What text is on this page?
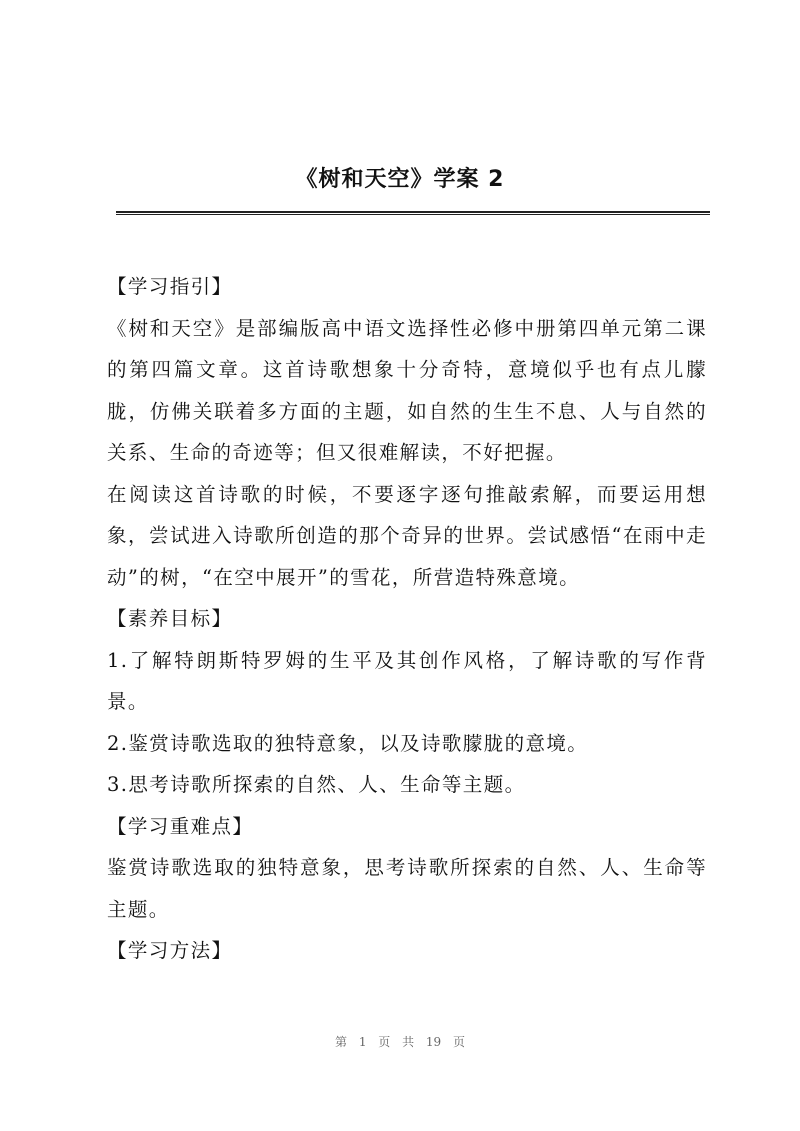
《树和天空》学案 2

【学习指引】

《树和天空》是部编版高中语文选择性必修中册第四单元第二课的第四篇文章。这首诗歌想象十分奇特，意境似乎也有点儿朦胧，仿佛关联着多方面的主题，如自然的生生不息、人与自然的关系、生命的奇迹等；但又很难解读，不好把握。

在阅读这首诗歌的时候，不要逐字逐句推敲索解，而要运用想象，尝试进入诗歌所创造的那个奇异的世界。尝试感悟“在雨中走动”的树，“在空中展开”的雪花，所营造特殊意境。

【素养目标】

1.了解特朗斯特罗姆的生平及其创作风格，了解诗歌的写作背景。

2.鉴赏诗歌选取的独特意象，以及诗歌朦胧的意境。

3.思考诗歌所探索的自然、人、生命等主题。

【学习重难点】

鉴赏诗歌选取的独特意象，思考诗歌所探索的自然、人、生命等主题。

【学习方法】

第 1 页 共 19 页
